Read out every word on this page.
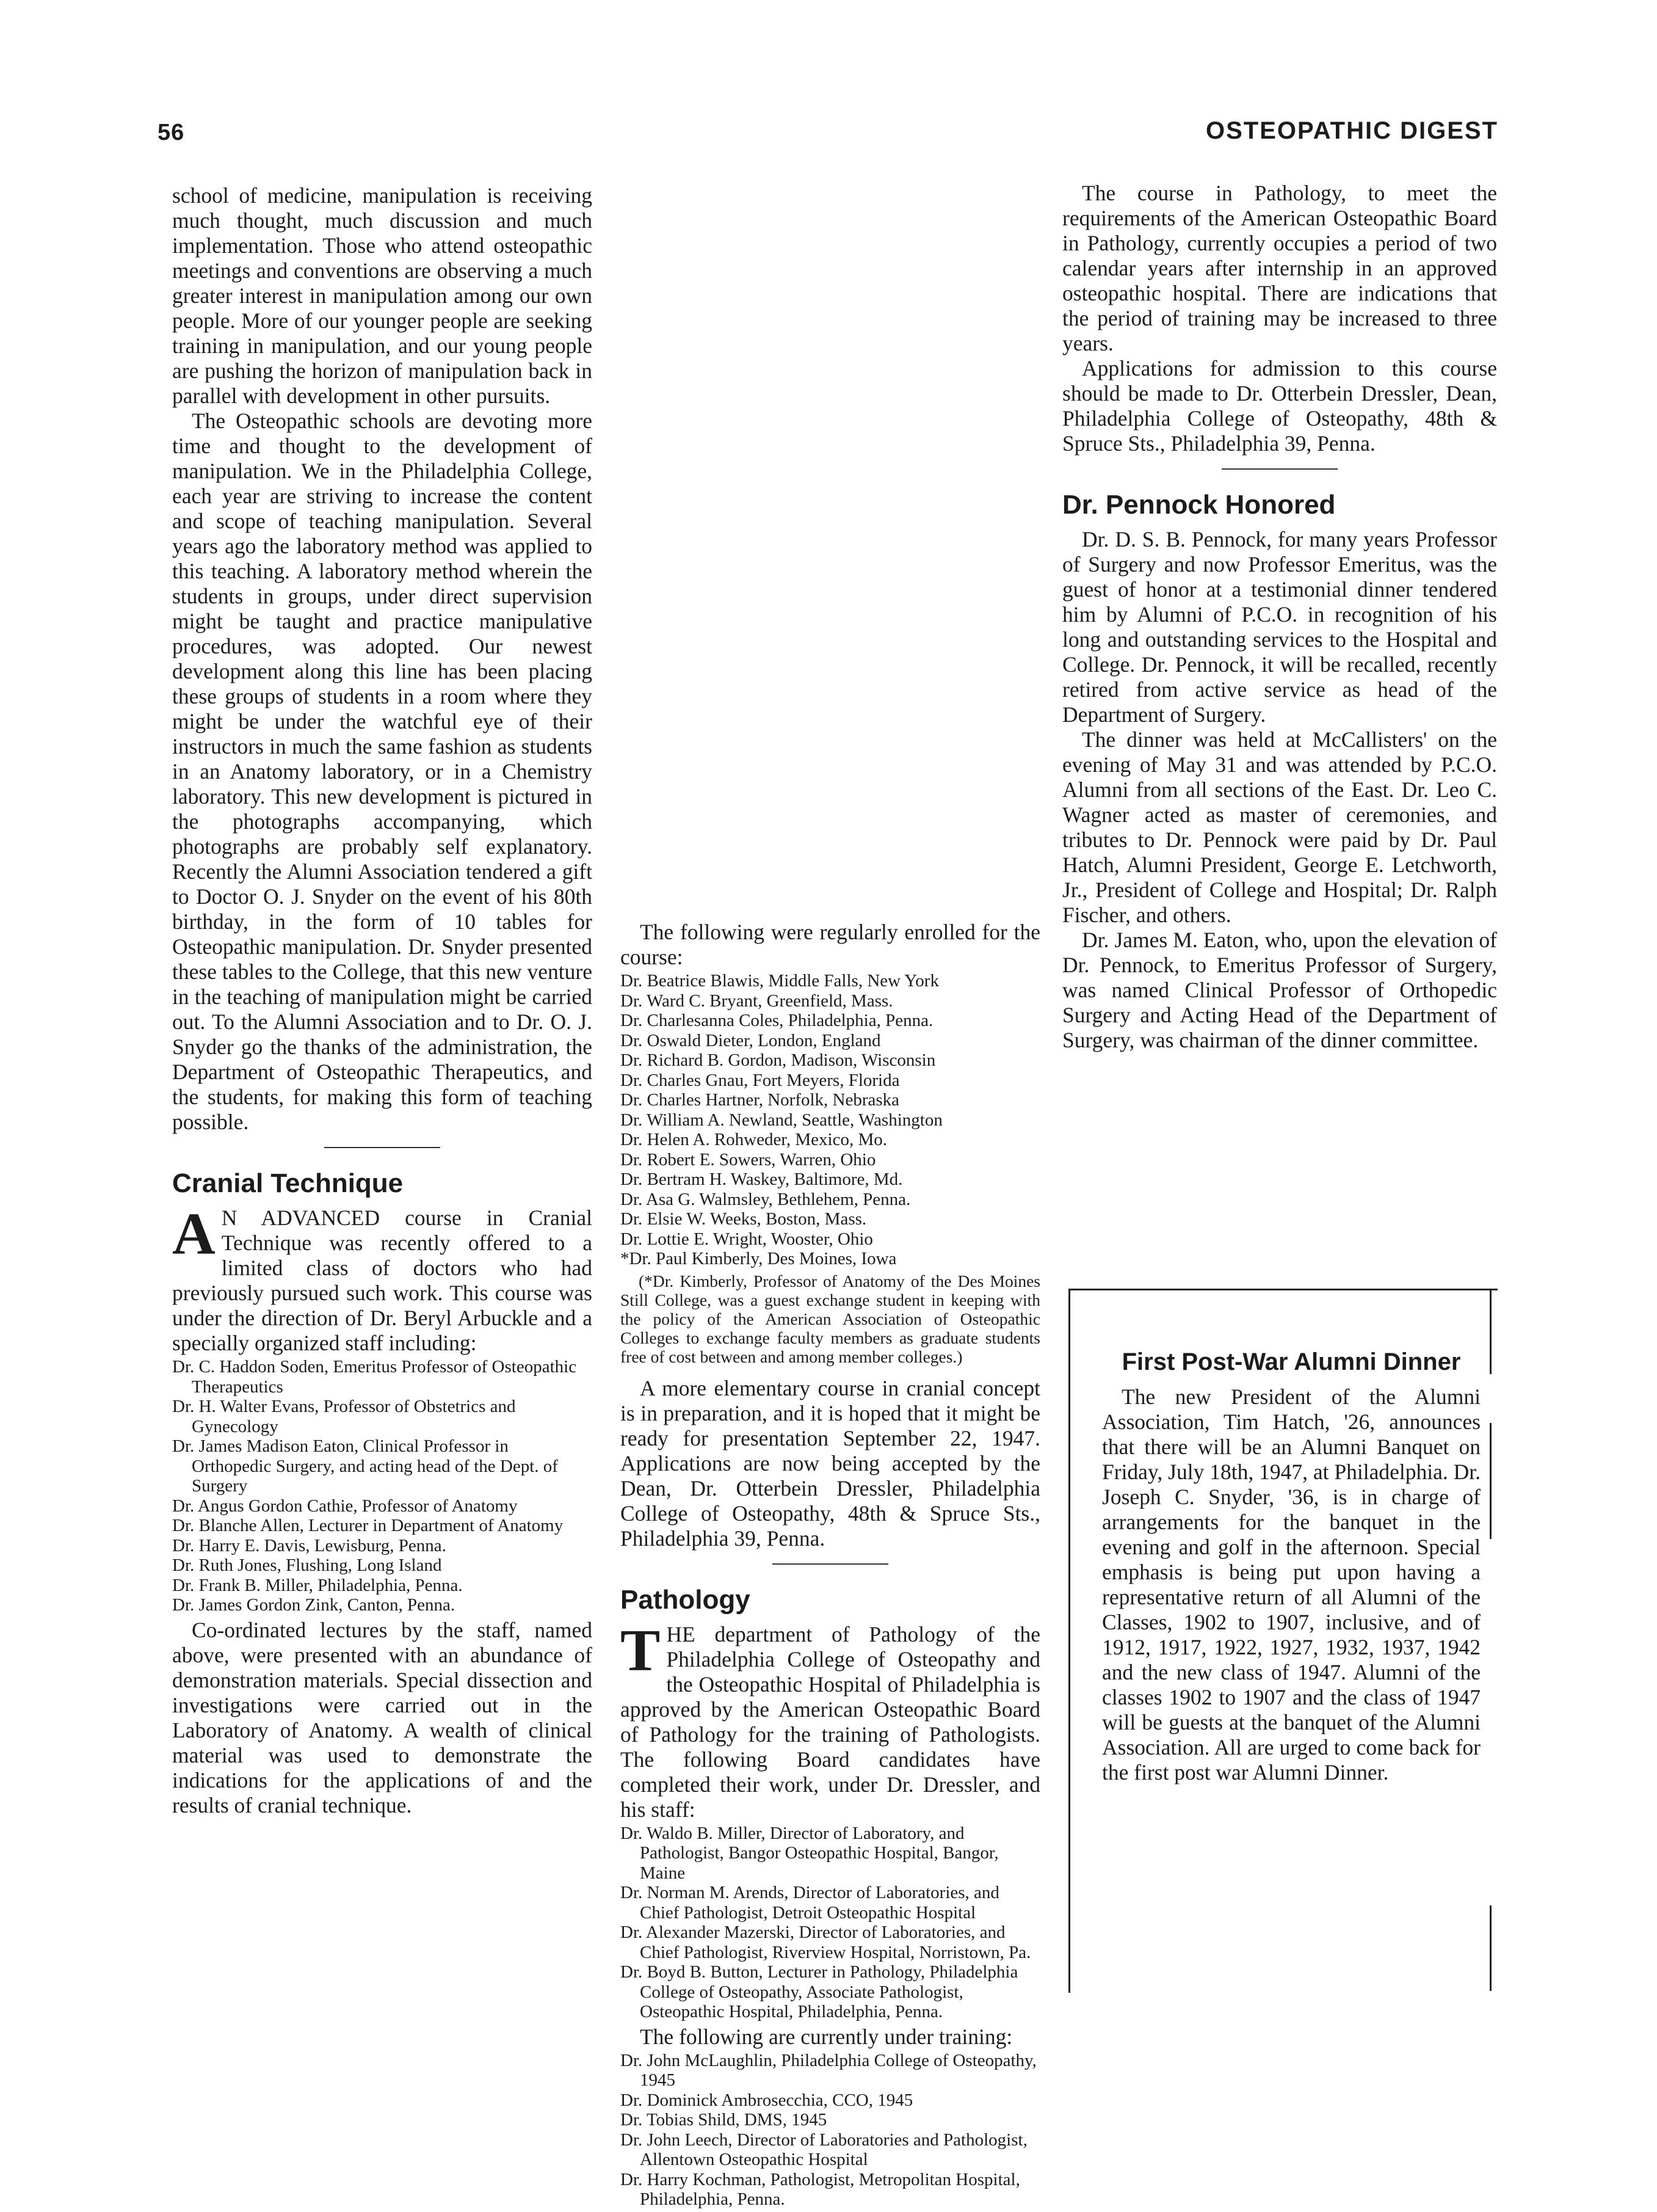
56	OSTEOPATHIC DIGEST

school of medicine, manipulation is receiving much thought, much discussion and much implementation. Those who attend osteopathic meetings and conventions are observing a much greater interest in manipulation among our own people. More of our younger people are seeking training in manipulation, and our young people are pushing the horizon of manipulation back in parallel with development in other pursuits.

The Osteopathic schools are devoting more time and thought to the development of manipulation. We in the Philadelphia College, each year are striving to increase the content and scope of teaching manipulation. Several years ago the laboratory method was applied to this teaching. A laboratory method wherein the students in groups, under direct supervision might be taught and practice manipulative procedures, was adopted. Our newest development along this line has been placing these groups of students in a room where they might be under the watchful eye of their instructors in much the same fashion as students in an Anatomy laboratory, or in a Chemistry laboratory. This new development is pictured in the photographs accompanying, which photographs are probably self explanatory. Recently the Alumni Association tendered a gift to Doctor O. J. Snyder on the event of his 80th birthday, in the form of 10 tables for Osteopathic manipulation. Dr. Snyder presented these tables to the College, that this new venture in the teaching of manipulation might be carried out. To the Alumni Association and to Dr. O. J. Snyder go the thanks of the administration, the Department of Osteopathic Therapeutics, and the students, for making this form of teaching possible.

Cranial Technique

A N ADVANCED course in Cranial Technique was recently offered to a limited class of doctors who had previously pursued such work. This course was under the direction of Dr. Beryl Arbuckle and a specially organized staff including:

Dr. C. Haddon Soden, Emeritus Professor of Osteopathic Therapeutics
Dr. H. Walter Evans, Professor of Obstetrics and Gynecology
Dr. James Madison Eaton, Clinical Professor in Orthopedic Surgery, and acting head of the Dept. of Surgery
Dr. Angus Gordon Cathie, Professor of Anatomy
Dr. Blanche Allen, Lecturer in Department of Anatomy
Dr. Harry E. Davis, Lewisburg, Penna.
Dr. Ruth Jones, Flushing, Long Island
Dr. Frank B. Miller, Philadelphia, Penna.
Dr. James Gordon Zink, Canton, Penna.

Co-ordinated lectures by the staff, named above, were presented with an abundance of demonstration materials. Special dissection and investigations were carried out in the Laboratory of Anatomy. A wealth of clinical material was used to demonstrate the indications for the applications of and the results of cranial technique.

The following were regularly enrolled for the course:

Dr. Beatrice Blawis, Middle Falls, New York
Dr. Ward C. Bryant, Greenfield, Mass.
Dr. Charlesanna Coles, Philadelphia, Penna.
Dr. Oswald Dieter, London, England
Dr. Richard B. Gordon, Madison, Wisconsin
Dr. Charles Gnau, Fort Meyers, Florida
Dr. Charles Hartner, Norfolk, Nebraska
Dr. William A. Newland, Seattle, Washington
Dr. Helen A. Rohweder, Mexico, Mo.
Dr. Robert E. Sowers, Warren, Ohio
Dr. Bertram H. Waskey, Baltimore, Md.
Dr. Asa G. Walmsley, Bethlehem, Penna.
Dr. Elsie W. Weeks, Boston, Mass.
Dr. Lottie E. Wright, Wooster, Ohio
*Dr. Paul Kimberly, Des Moines, Iowa
(*Dr. Kimberly, Professor of Anatomy of the Des Moines Still College, was a guest exchange student in keeping with the policy of the American Association of Osteopathic Colleges to exchange faculty members as graduate students free of cost between and among member colleges.)

A more elementary course in cranial concept is in preparation, and it is hoped that it might be ready for presentation September 22, 1947. Applications are now being accepted by the Dean, Dr. Otterbein Dressler, Philadelphia College of Osteopathy, 48th & Spruce Sts., Philadelphia 39, Penna.

Pathology

THE department of Pathology of the Philadelphia College of Osteopathy and the Osteopathic Hospital of Philadelphia is approved by the American Osteopathic Board of Pathology for the training of Pathologists. The following Board candidates have completed their work, under Dr. Dressler, and his staff:

Dr. Waldo B. Miller, Director of Laboratory, and Pathologist, Bangor Osteopathic Hospital, Bangor, Maine
Dr. Norman M. Arends, Director of Laboratories, and Chief Pathologist, Detroit Osteopathic Hospital
Dr. Alexander Mazerski, Director of Laboratories, and Chief Pathologist, Riverview Hospital, Norristown, Pa.
Dr. Boyd B. Button, Lecturer in Pathology, Philadelphia College of Osteopathy, Associate Pathologist, Osteopathic Hospital, Philadelphia, Penna.

The following are currently under training:

Dr. John McLaughlin, Philadelphia College of Osteopathy, 1945
Dr. Dominick Ambrosecchia, CCO, 1945
Dr. Tobias Shild, DMS, 1945
Dr. John Leech, Director of Laboratories and Pathologist, Allentown Osteopathic Hospital
Dr. Harry Kochman, Pathologist, Metropolitan Hospital, Philadelphia, Penna.

The course in Pathology, to meet the requirements of the American Osteopathic Board in Pathology, currently occupies a period of two calendar years after internship in an approved osteopathic hospital. There are indications that the period of training may be increased to three years.

Applications for admission to this course should be made to Dr. Otterbein Dressler, Dean, Philadelphia College of Osteopathy, 48th & Spruce Sts., Philadelphia 39, Penna.

Dr. Pennock Honored

Dr. D. S. B. Pennock, for many years Professor of Surgery and now Professor Emeritus, was the guest of honor at a testimonial dinner tendered him by Alumni of P.C.O. in recognition of his long and outstanding services to the Hospital and College. Dr. Pennock, it will be recalled, recently retired from active service as head of the Department of Surgery.

The dinner was held at McCallisters' on the evening of May 31 and was attended by P.C.O. Alumni from all sections of the East. Dr. Leo C. Wagner acted as master of ceremonies, and tributes to Dr. Pennock were paid by Dr. Paul Hatch, Alumni President, George E. Letchworth, Jr., President of College and Hospital; Dr. Ralph Fischer, and others.

Dr. James M. Eaton, who, upon the elevation of Dr. Pennock, to Emeritus Professor of Surgery, was named Clinical Professor of Orthopedic Surgery and Acting Head of the Department of Surgery, was chairman of the dinner committee.

First Post-War Alumni Dinner

The new President of the Alumni Association, Tim Hatch, '26, announces that there will be an Alumni Banquet on Friday, July 18th, 1947, at Philadelphia. Dr. Joseph C. Snyder, '36, is in charge of arrangements for the banquet in the evening and golf in the afternoon. Special emphasis is being put upon having a representative return of all Alumni of the Classes, 1902 to 1907, inclusive, and of 1912, 1917, 1922, 1927, 1932, 1937, 1942 and the new class of 1947. Alumni of the classes 1902 to 1907 and the class of 1947 will be guests at the banquet of the Alumni Association. All are urged to come back for the first post war Alumni Dinner.
